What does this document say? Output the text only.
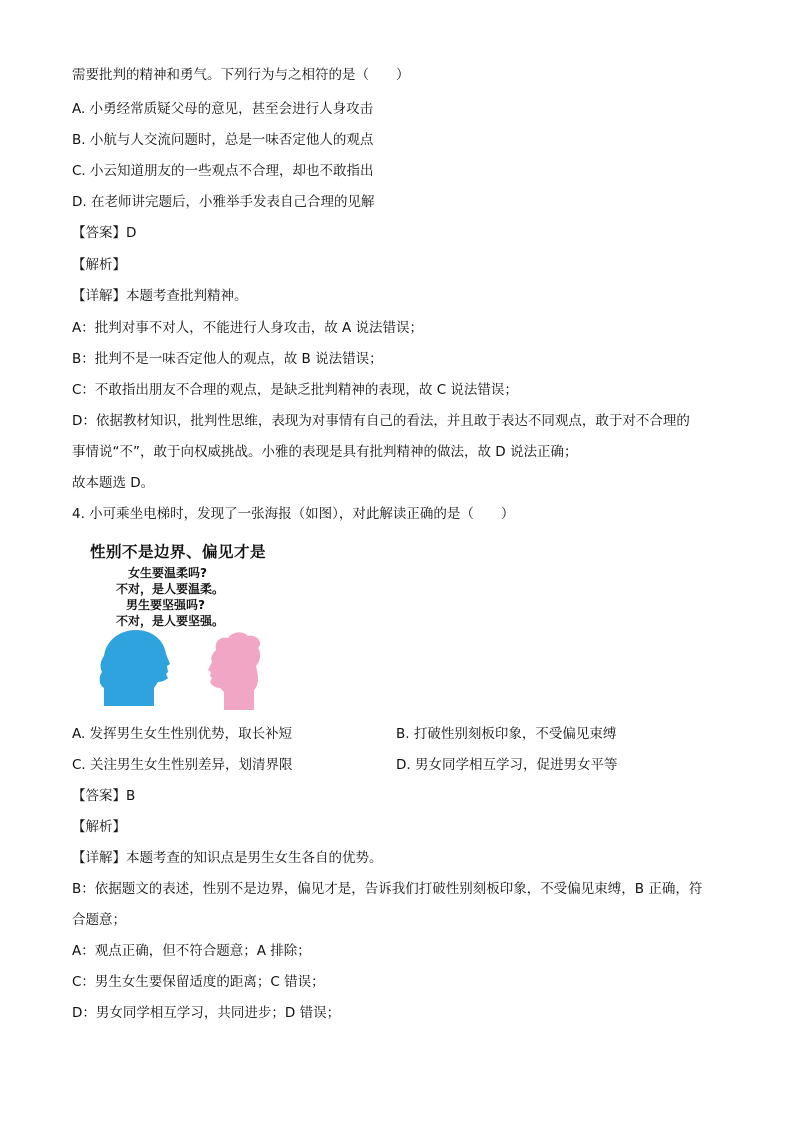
需要批判的精神和勇气。下列行为与之相符的是（　　）
A. 小勇经常质疑父母的意见，甚至会进行人身攻击
B. 小航与人交流问题时，总是一味否定他人的观点
C. 小云知道朋友的一些观点不合理，却也不敢指出
D. 在老师讲完题后，小雅举手发表自己合理的见解
【答案】D
【解析】
【详解】本题考查批判精神。
A：批判对事不对人，不能进行人身攻击，故 A 说法错误；
B：批判不是一味否定他人的观点，故 B 说法错误；
C：不敢指出朋友不合理的观点，是缺乏批判精神的表现，故 C 说法错误；
D：依据教材知识，批判性思维，表现为对事情有自己的看法，并且敢于表达不同观点，敢于对不合理的
事情说“不”，敢于向权威挑战。小雅的表现是具有批判精神的做法，故 D 说法正确；
故本题选 D。
4. 小可乘坐电梯时，发现了一张海报（如图），对此解读正确的是（　　）
性别不是边界、偏见才是
女生要温柔吗?
不对，是人要温柔。
男生要坚强吗?
不对，是人要坚强。
A. 发挥男生女生性别优势，取长补短	B. 打破性别刻板印象，不受偏见束缚
C. 关注男生女生性别差异，划清界限	D. 男女同学相互学习，促进男女平等
【答案】B
【解析】
【详解】本题考查的知识点是男生女生各自的优势。
B：依据题文的表述，性别不是边界，偏见才是，告诉我们打破性别刻板印象，不受偏见束缚，B 正确，符
合题意；
A：观点正确，但不符合题意；A 排除；
C：男生女生要保留适度的距离；C 错误；
D：男女同学相互学习，共同进步；D 错误；
